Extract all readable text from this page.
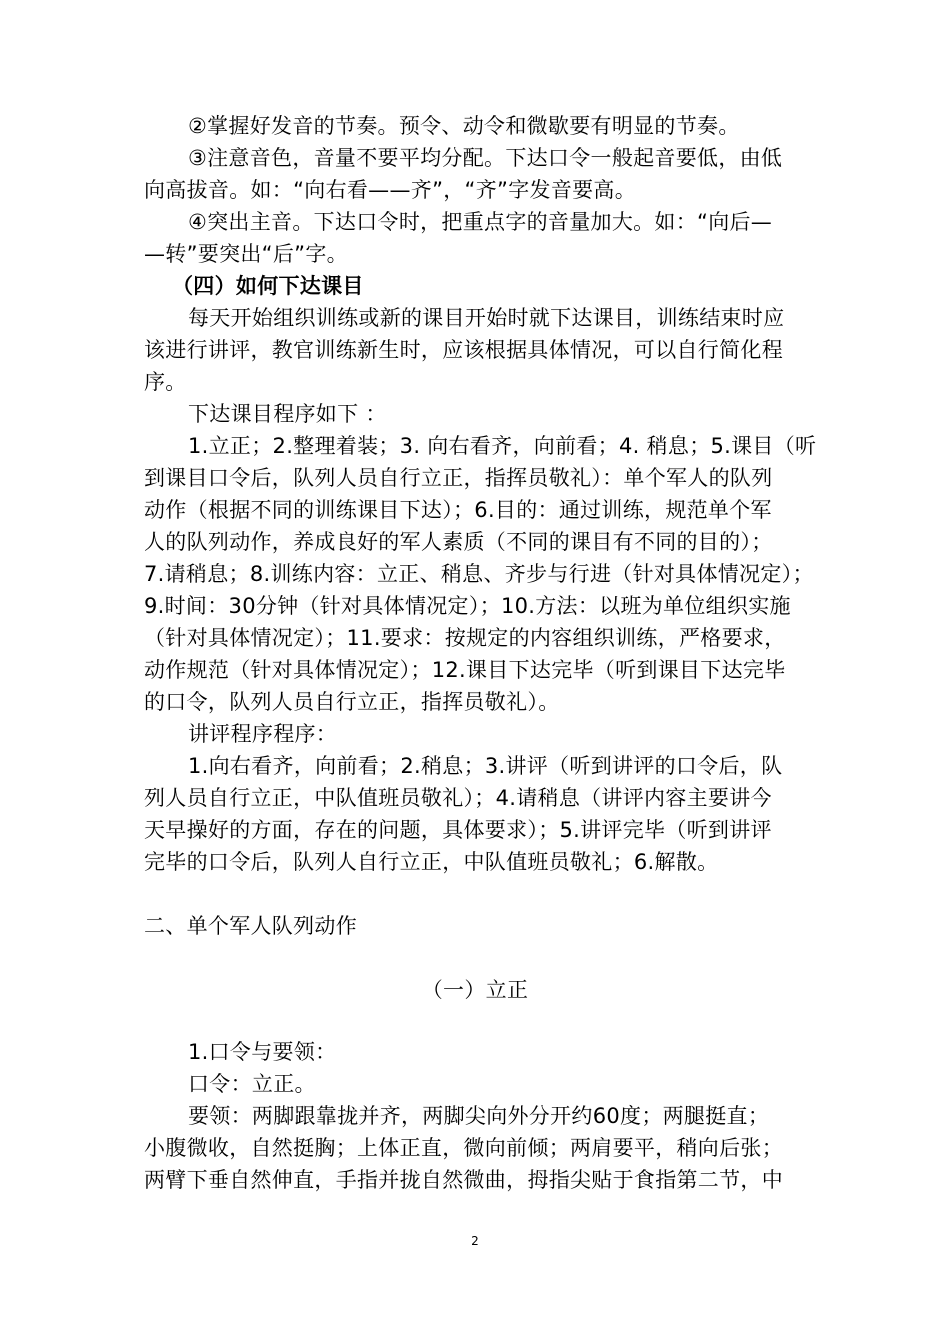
②掌握好发音的节奏。预令、动令和微歇要有明显的节奏。
③注意音色，音量不要平均分配。下达口令一般起音要低，由低
向高拔音。如：“向右看——齐”，“齐”字发音要高。
④突出主音。下达口令时，把重点字的音量加大。如：“向后—
—转”要突出“后”字。
（四）如何下达课目
每天开始组织训练或新的课目开始时就下达课目，训练结束时应
该进行讲评，教官训练新生时，应该根据具体情况，可以自行简化程
序。
下达课目程序如下 ：
1.立正；2.整理着装；3. 向右看齐，向前看；4. 稍息；5.课目（听
到课目口令后，队列人员自行立正，指挥员敬礼）：单个军人的队列
动作（根据不同的训练课目下达）；6.目的：通过训练，规范单个军
人的队列动作，养成良好的军人素质（不同的课目有不同的目的）；
7.请稍息；8.训练内容：立正、稍息、齐步与行进（针对具体情况定）；
9.时间：30分钟（针对具体情况定）；10.方法：以班为单位组织实施
（针对具体情况定）；11.要求：按规定的内容组织训练，严格要求，
动作规范（针对具体情况定）；12.课目下达完毕（听到课目下达完毕
的口令，队列人员自行立正，指挥员敬礼）。
讲评程序程序：
1.向右看齐，向前看；2.稍息；3.讲评（听到讲评的口令后，队
列人员自行立正，中队值班员敬礼）；4.请稍息（讲评内容主要讲今
天早操好的方面，存在的问题，具体要求）；5.讲评完毕（听到讲评
完毕的口令后，队列人自行立正，中队值班员敬礼；6.解散。
二、单个军人队列动作
（一）立正
1.口令与要领：
口令：立正。
要领：两脚跟靠拢并齐，两脚尖向外分开约60度；两腿挺直；
小腹微收，自然挺胸；上体正直，微向前倾；两肩要平，稍向后张；
两臂下垂自然伸直，手指并拢自然微曲，拇指尖贴于食指第二节，中
2
